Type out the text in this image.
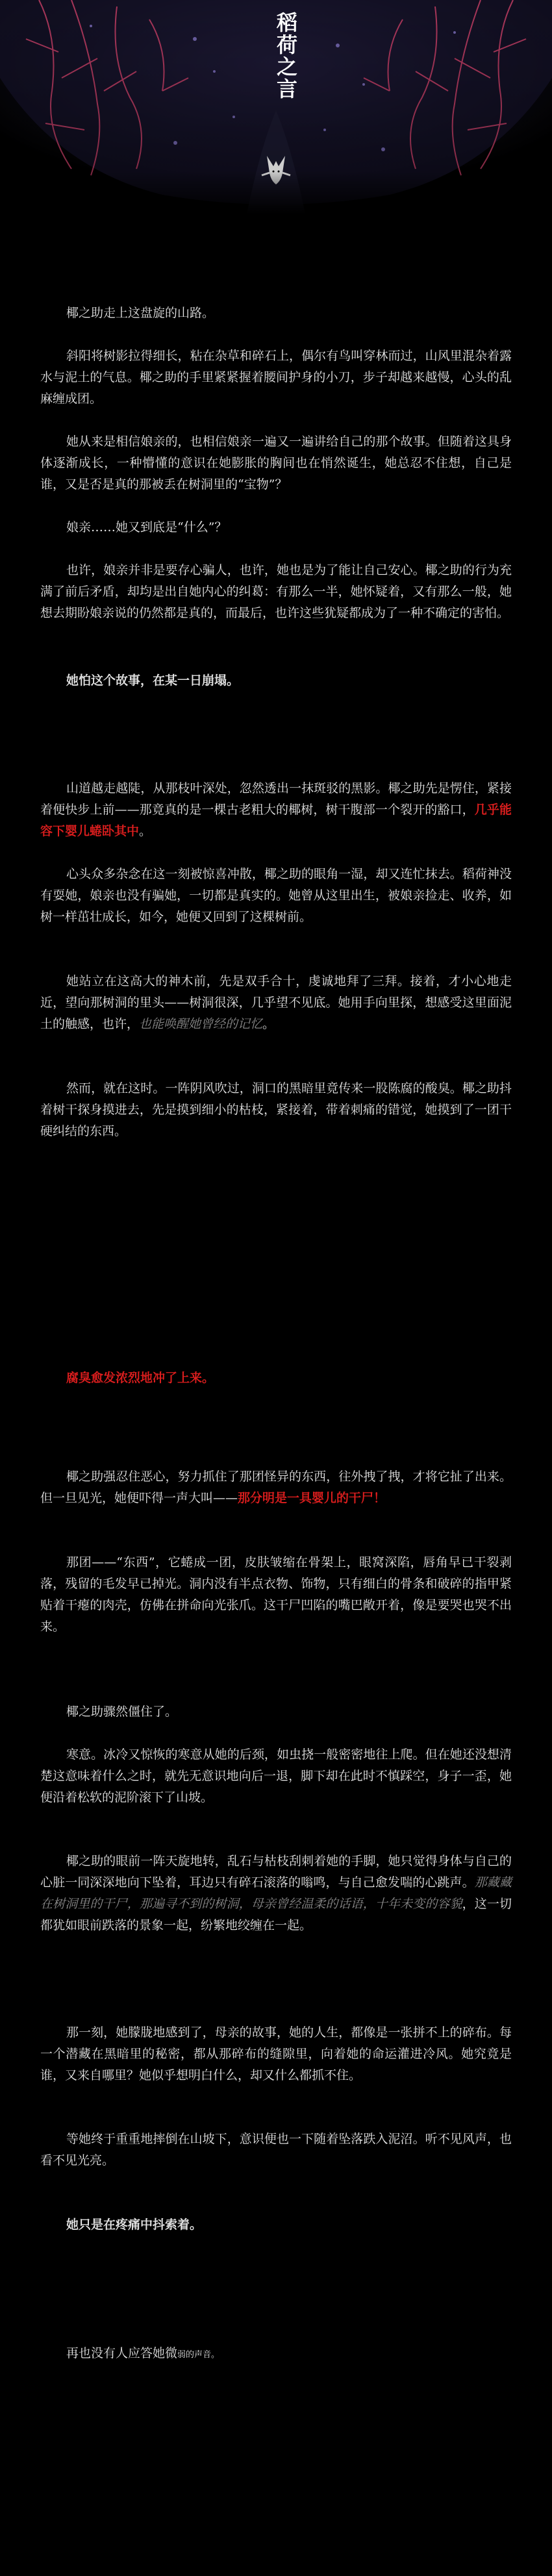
稻荷之言

椰之助走上这盘旋的山路。

斜阳将树影拉得细长，粘在杂草和碎石上，偶尔有鸟叫穿林而过，山风里混杂着露水与泥土的气息。椰之助的手里紧紧握着腰间护身的小刀，步子却越来越慢，心头的乱麻缠成团。

她从来是相信娘亲的，也相信娘亲一遍又一遍讲给自己的那个故事。但随着这具身体逐渐成长，一种懵懂的意识在她膨胀的胸间也在悄然诞生，她总忍不住想，自己是谁，又是否是真的那被丢在树洞里的“宝物”？

娘亲……她又到底是“什么”？

也许，娘亲并非是要存心骗人，也许，她也是为了能让自己安心。椰之助的行为充满了前后矛盾，却均是出自她内心的纠葛：有那么一半，她怀疑着，又有那么一般，她想去期盼娘亲说的仍然都是真的，而最后，也许这些犹疑都成为了一种不确定的害怕。

她怕这个故事，在某一日崩塌。

山道越走越陡，从那枝叶深处，忽然透出一抹斑驳的黑影。椰之助先是愣住，紧接着便快步上前——那竟真的是一棵古老粗大的椰树，树干腹部一个裂开的豁口，几乎能容下婴儿蜷卧其中。

心头众多杂念在这一刻被惊喜冲散，椰之助的眼角一湿，却又连忙抹去。稻荷神没有耍她，娘亲也没有骗她，一切都是真实的。她曾从这里出生，被娘亲捡走、收养，如树一样茁壮成长，如今，她便又回到了这棵树前。

她站立在这高大的神木前，先是双手合十，虔诚地拜了三拜。接着，才小心地走近，望向那树洞的里头——树洞很深，几乎望不见底。她用手向里探，想感受这里面泥土的触感，也许，也能唤醒她曾经的记忆。

然而，就在这时。一阵阴风吹过，洞口的黑暗里竟传来一股陈腐的酸臭。椰之助抖着树干探身摸进去，先是摸到细小的枯枝，紧接着，带着刺痛的错觉，她摸到了一团干硬纠结的东西。

腐臭愈发浓烈地冲了上来。

椰之助强忍住恶心，努力抓住了那团怪异的东西，往外拽了拽，才将它扯了出来。但一旦见光，她便吓得一声大叫——那分明是一具婴儿的干尸！

那团——“东西”，它蜷成一团，皮肤皱缩在骨架上，眼窝深陷，唇角早已干裂剥落，残留的毛发早已掉光。洞内没有半点衣物、饰物，只有细白的骨条和破碎的指甲紧贴着干瘪的肉壳，仿佛在拼命向光张爪。这干尸凹陷的嘴巴敞开着，像是要哭也哭不出来。

椰之助骤然僵住了。

寒意。冰冷又惊恢的寒意从她的后颈，如虫挠一般密密地往上爬。但在她还没想清楚这意味着什么之时，就先无意识地向后一退，脚下却在此时不慎踩空，身子一歪，她便沿着松软的泥阶滚下了山坡。

椰之助的眼前一阵天旋地转，乱石与枯枝刮刺着她的手脚，她只觉得身体与自己的心脏一同深深地向下坠着，耳边只有碎石滚落的嗡鸣，与自己愈发喘的心跳声。那藏藏在树洞里的干尸，那遍寻不到的树洞，母亲曾经温柔的话语，十年未变的容貌，这一切都犹如眼前跌落的景象一起，纷繁地绞缠在一起。

那一刻，她朦胧地感到了，母亲的故事，她的人生，都像是一张拼不上的碎布。每一个潜藏在黑暗里的秘密，都从那碎布的缝隙里，向着她的命运灌进冷风。她究竟是谁，又来自哪里？她似乎想明白什么，却又什么都抓不住。

等她终于重重地摔倒在山坡下，意识便也一下随着坠落跌入泥沼。听不见风声，也看不见光亮。

她只是在疼痛中抖索着。
再也没有人应答她微弱的声音。
